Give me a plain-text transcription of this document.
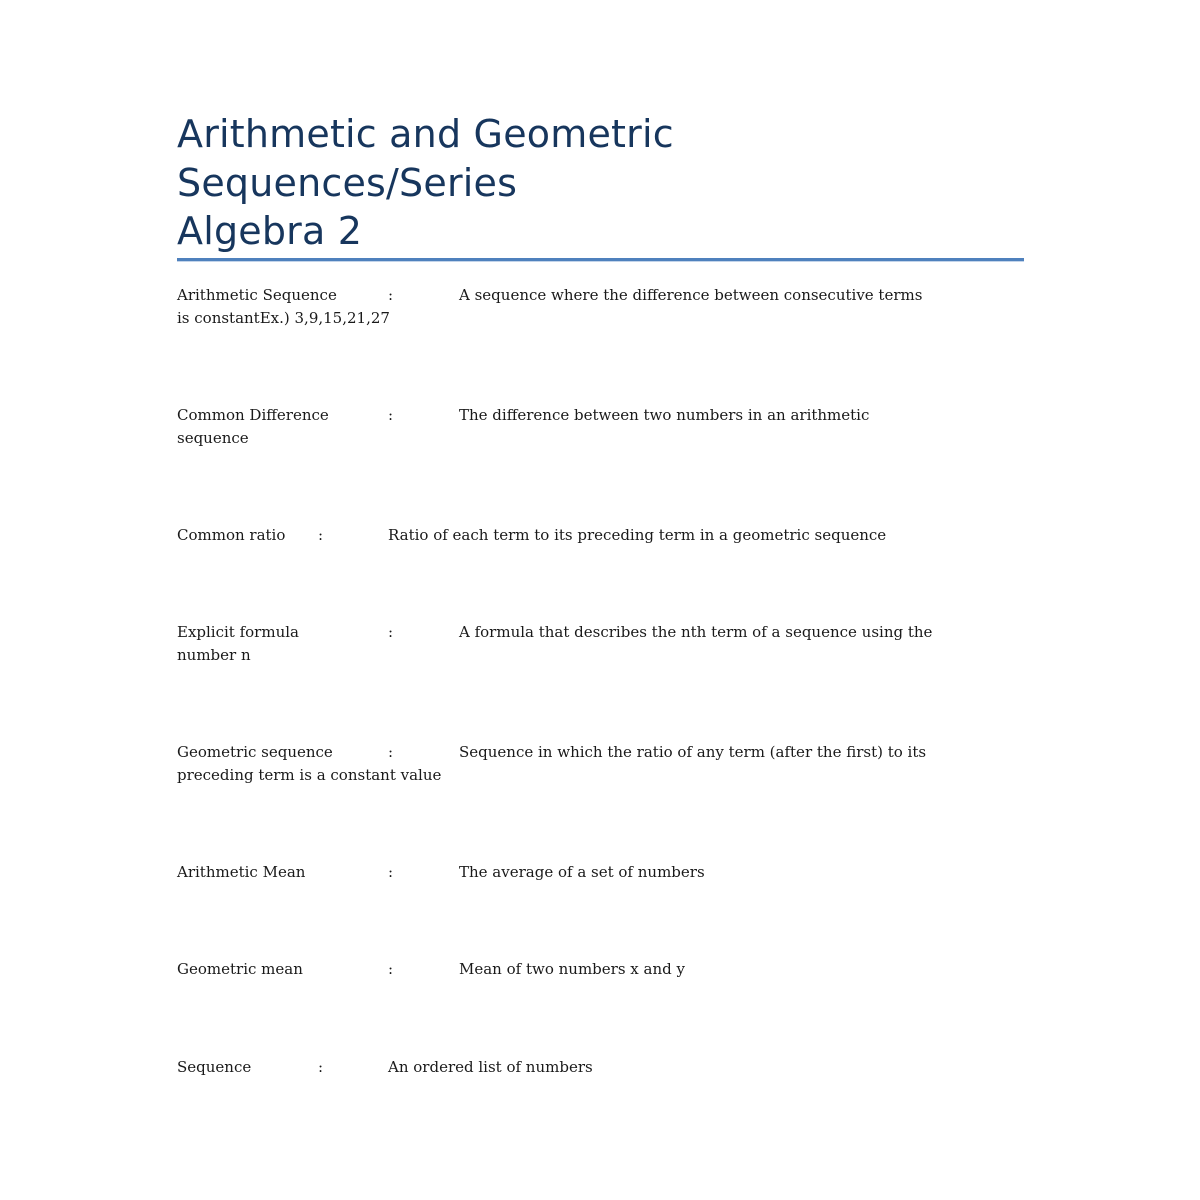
Arithmetic and Geometric
Sequences/Series
Algebra 2
Arithmetic Sequence	:	A sequence where the difference between consecutive terms
is constantEx.) 3,9,15,21,27
Common Difference	:	The difference between two numbers in an arithmetic
sequence
Common ratio :	Ratio of each term to its preceding term in a geometric sequence
Explicit formula	:	A formula that describes the nth term of a sequence using the
number n
Geometric sequence	:	Sequence in which the ratio of any term (after the first) to its
preceding term is a constant value
Arithmetic Mean	:	The average of a set of numbers
Geometric mean	:	Mean of two numbers x and y
Sequence	:	An ordered list of numbers
